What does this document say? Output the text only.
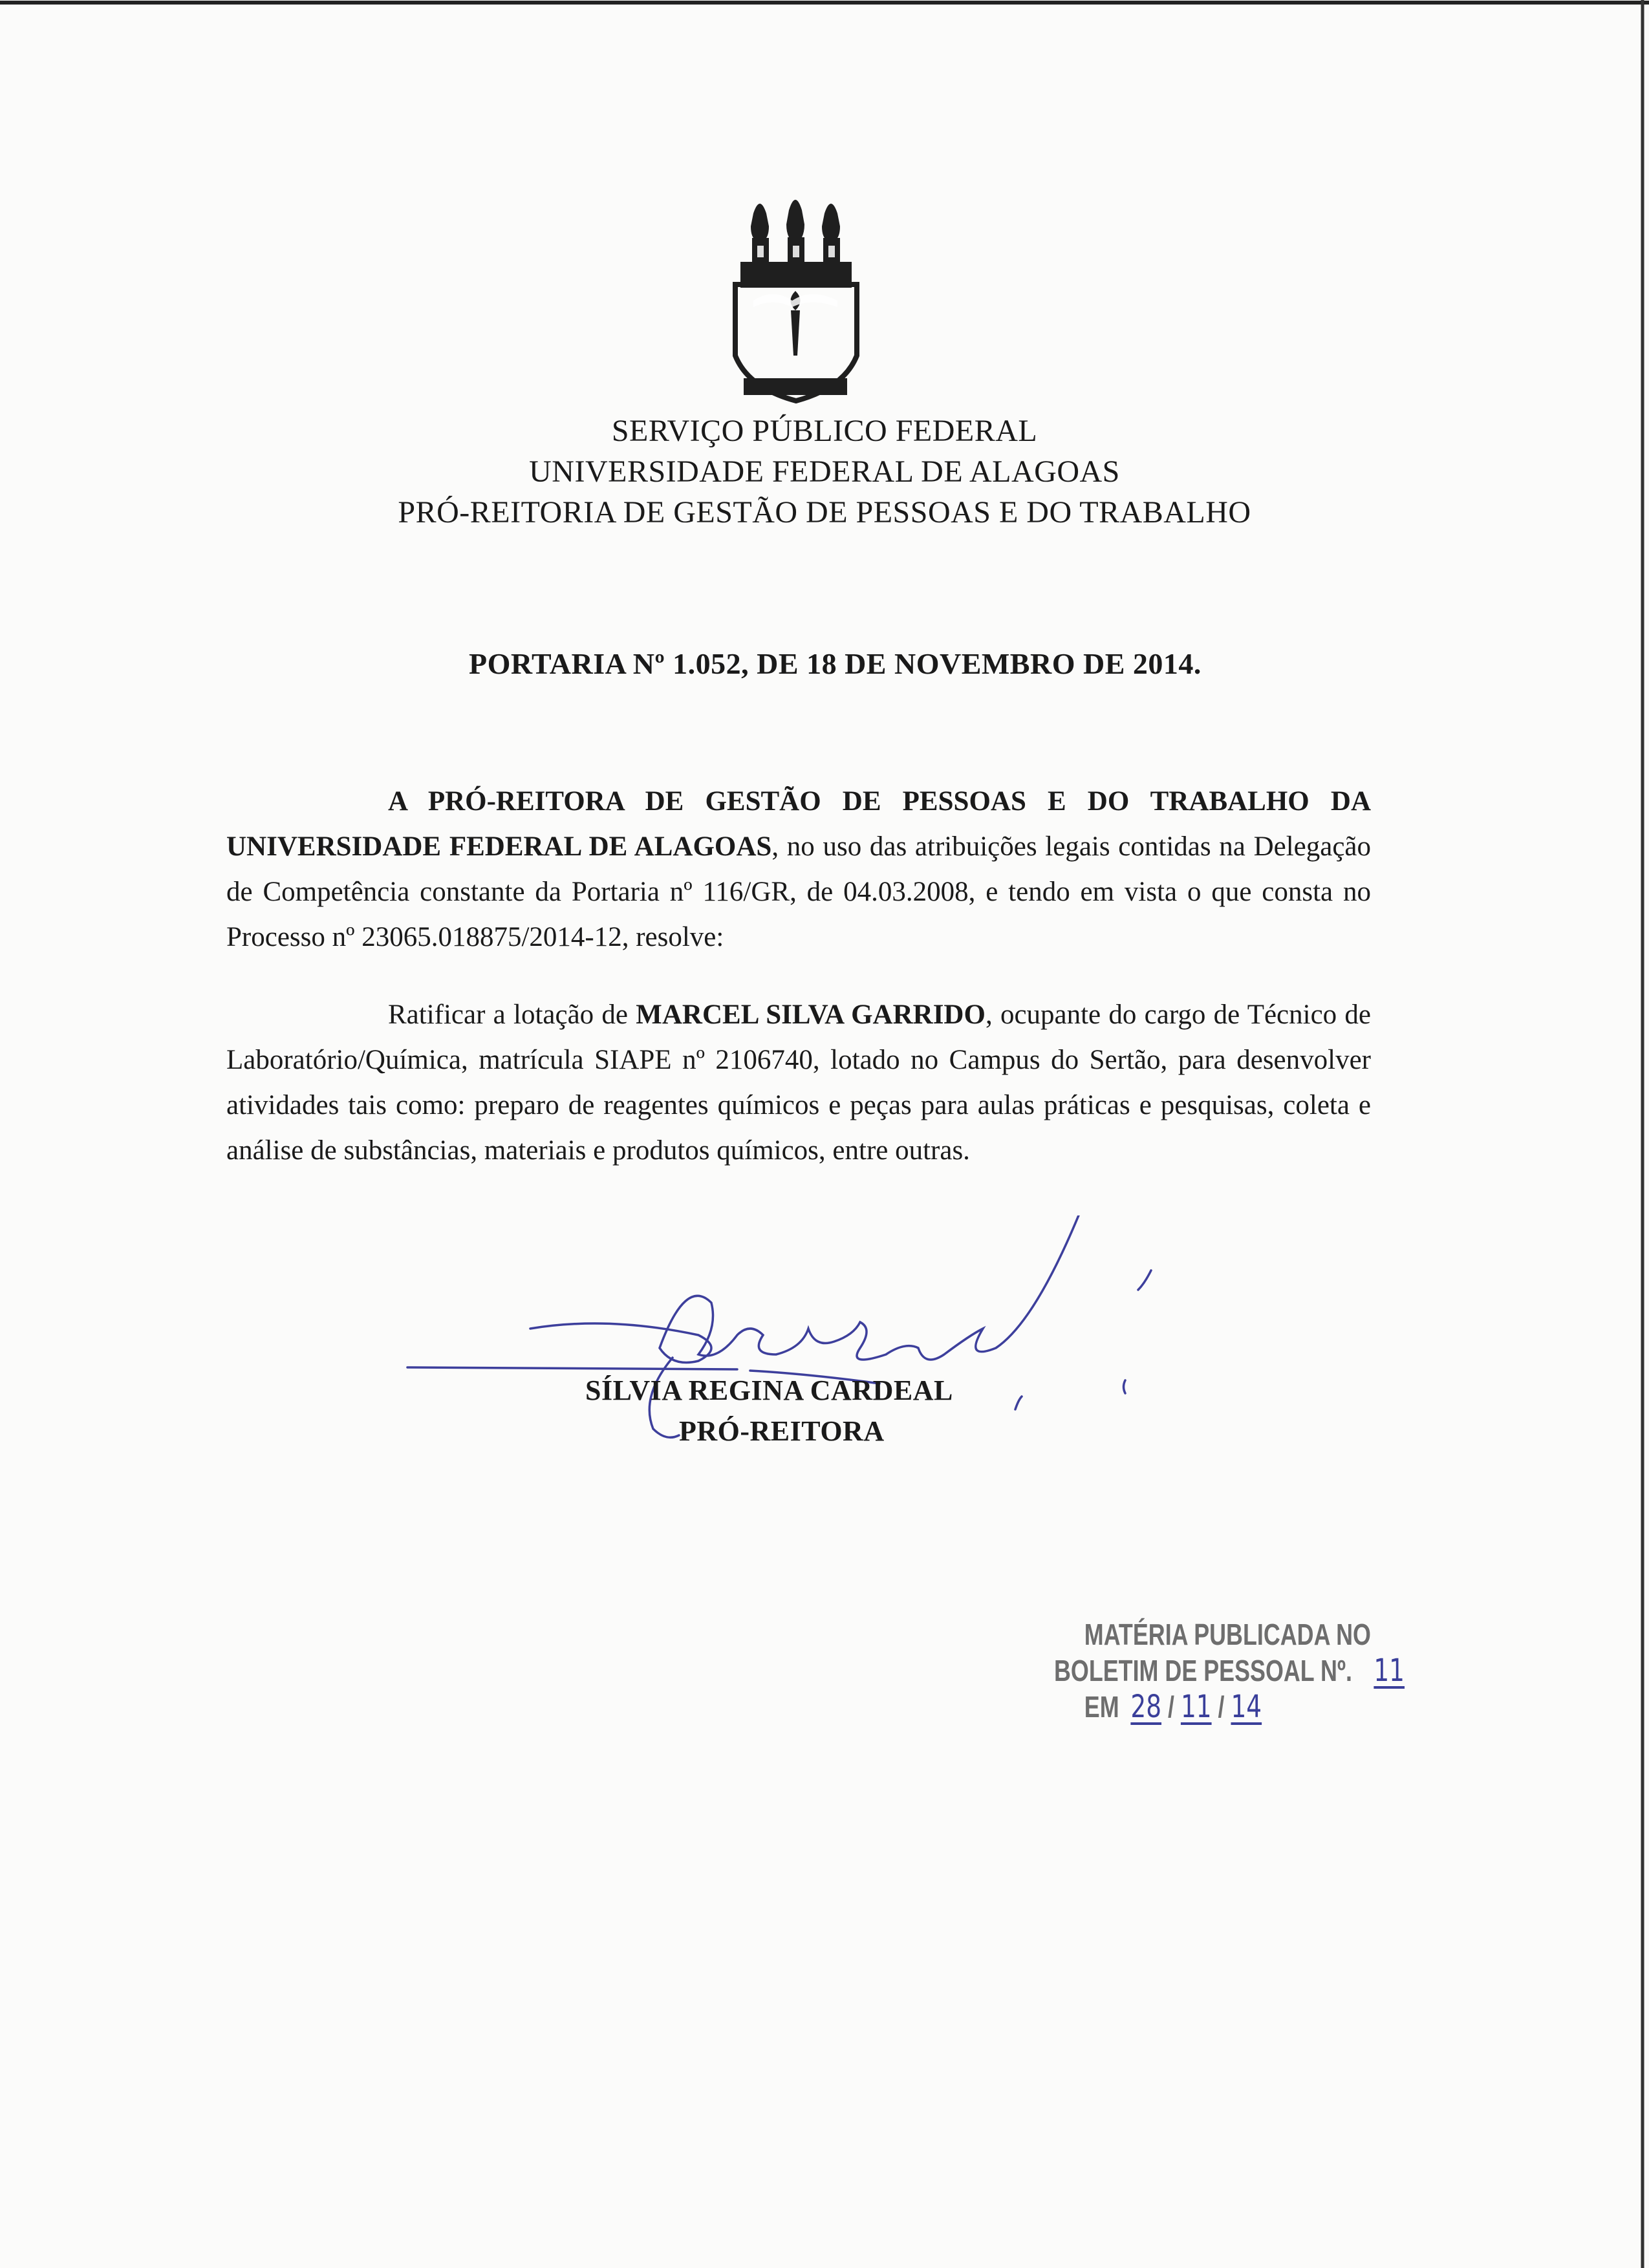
SERVIÇO PÚBLICO FEDERAL
UNIVERSIDADE FEDERAL DE ALAGOAS
PRÓ-REITORIA DE GESTÃO DE PESSOAS E DO TRABALHO
PORTARIA Nº 1.052, DE 18 DE NOVEMBRO DE 2014.
A PRÓ-REITORA DE GESTÃO DE PESSOAS E DO TRABALHO DA UNIVERSIDADE FEDERAL DE ALAGOAS, no uso das atribuições legais contidas na Delegação de Competência constante da Portaria nº 116/GR, de 04.03.2008, e tendo em vista o que consta no Processo nº 23065.018875/2014-12, resolve:
Ratificar a lotação de MARCEL SILVA GARRIDO, ocupante do cargo de Técnico de Laboratório/Química, matrícula SIAPE nº 2106740, lotado no Campus do Sertão, para desenvolver atividades tais como: preparo de reagentes químicos e peças para aulas práticas e pesquisas, coleta e análise de substâncias, materiais e produtos químicos, entre outras.
SÍLVIA REGINA CARDEAL
PRÓ-REITORA
MATÉRIA PUBLICADA NO
BOLETIM DE PESSOAL Nº. 11
EM 28 / 11 / 14
